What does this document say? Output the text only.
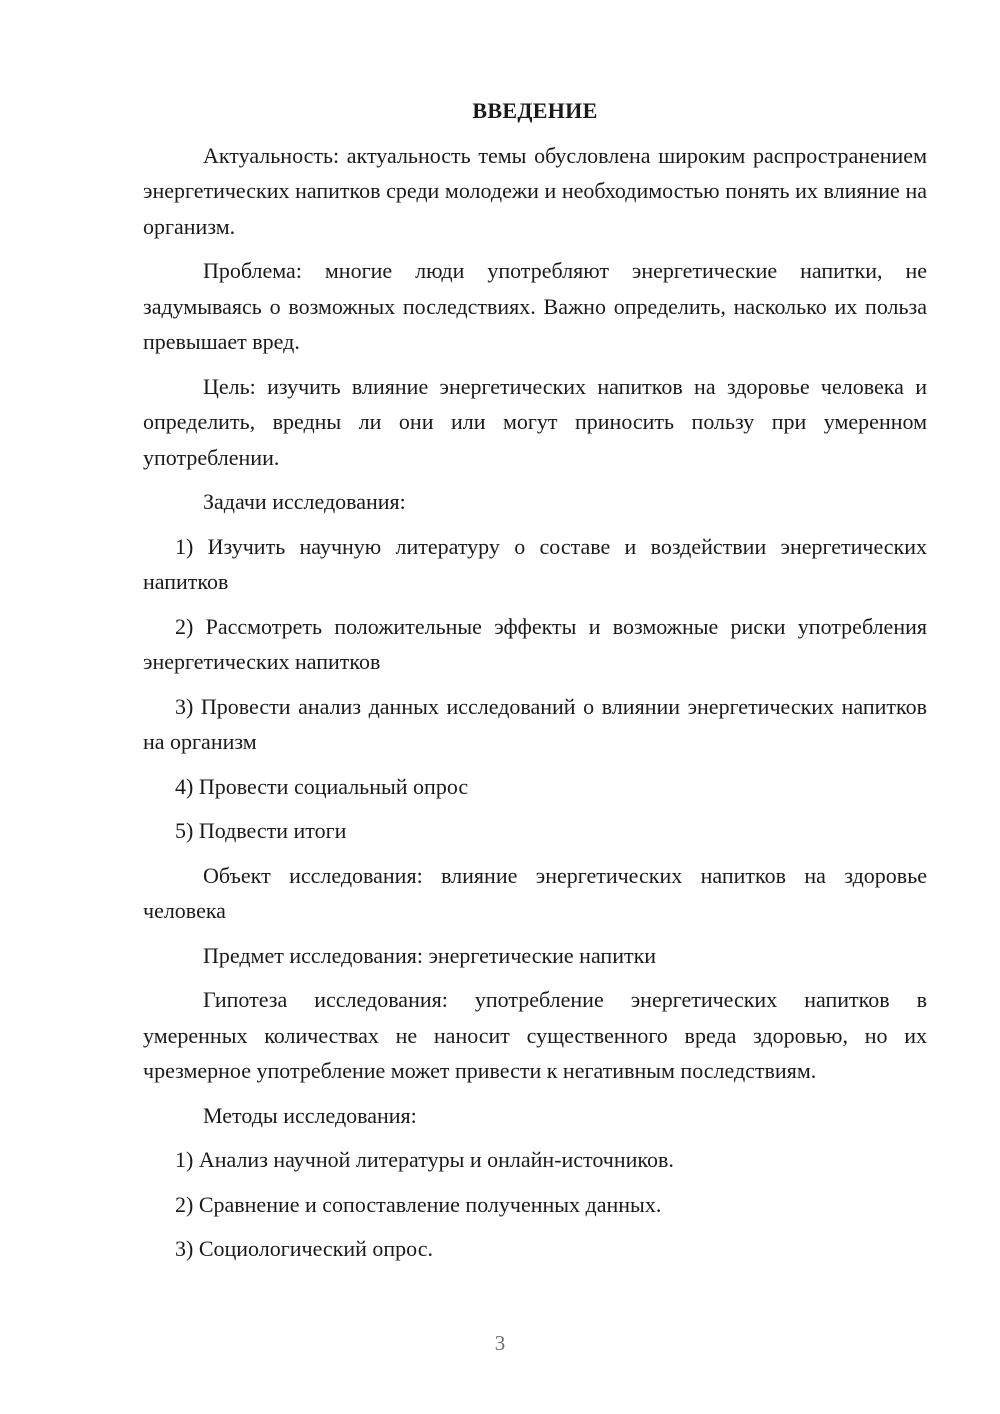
ВВЕДЕНИЕ

Актуальность: актуальность темы обусловлена широким распространением энергетических напитков среди молодежи и необходимостью понять их влияние на организм.

Проблема: многие люди употребляют энергетические напитки, не задумываясь о возможных последствиях. Важно определить, насколько их польза превышает вред.

Цель: изучить влияние энергетических напитков на здоровье человека и определить, вредны ли они или могут приносить пользу при умеренном употреблении.

Задачи исследования:

1) Изучить научную литературу о составе и воздействии энергетических напитков

2) Рассмотреть положительные эффекты и возможные риски употребления энергетических напитков

3) Провести анализ данных исследований о влиянии энергетических напитков на организм

4) Провести социальный опрос

5) Подвести итоги

Объект исследования: влияние энергетических напитков на здоровье человека

Предмет исследования: энергетические напитки

Гипотеза исследования: употребление энергетических напитков в умеренных количествах не наносит существенного вреда здоровью, но их чрезмерное употребление может привести к негативным последствиям.

Методы исследования:

1) Анализ научной литературы и онлайн-источников.

2) Сравнение и сопоставление полученных данных.

3) Социологический опрос.

3
